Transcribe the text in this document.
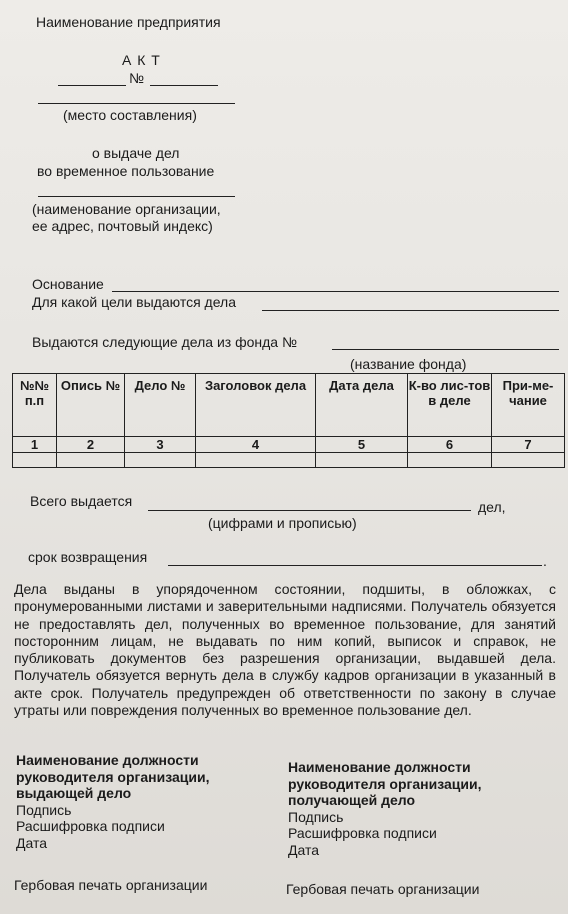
Наименование предприятия
А К Т
№
(место составления)
о выдаче дел
во временное пользование
(наименование организации,
ее адрес, почтовый индекс)
Основание
Для какой цели выдаются дела
Выдаются следующие дела из фонда №
(название фонда)
№№ п.п	Опись №	Дело №	Заголовок дела	Дата дела	К-во лис-тов в деле	При-ме-чание
1	2	3	4	5	6	7

Всего выдается	дел,
(цифрами и прописью)
срок возвращения	.
Дела выданы в упорядоченном состоянии, подшиты, в обложках, с пронумерованными листами и заверительными надписями. Получатель обязуется не предоставлять дел, полученных во временное пользование, для занятий посторонним лицам, не выдавать по ним копий, выписок и справок, не публиковать документов без разрешения организации, выдавшей дела. Получатель обязуется вернуть дела в службу кадров организации в указанный в акте срок. Получатель предупрежден об ответственности по закону в случае утраты или повреждения полученных во временное пользование дел.
Наименование должности
руководителя организации,
выдающей дело
Подпись
Расшифровка подписи
Дата
Гербовая печать организации
Наименование должности
руководителя организации,
получающей дело
Подпись
Расшифровка подписи
Дата
Гербовая печать организации
